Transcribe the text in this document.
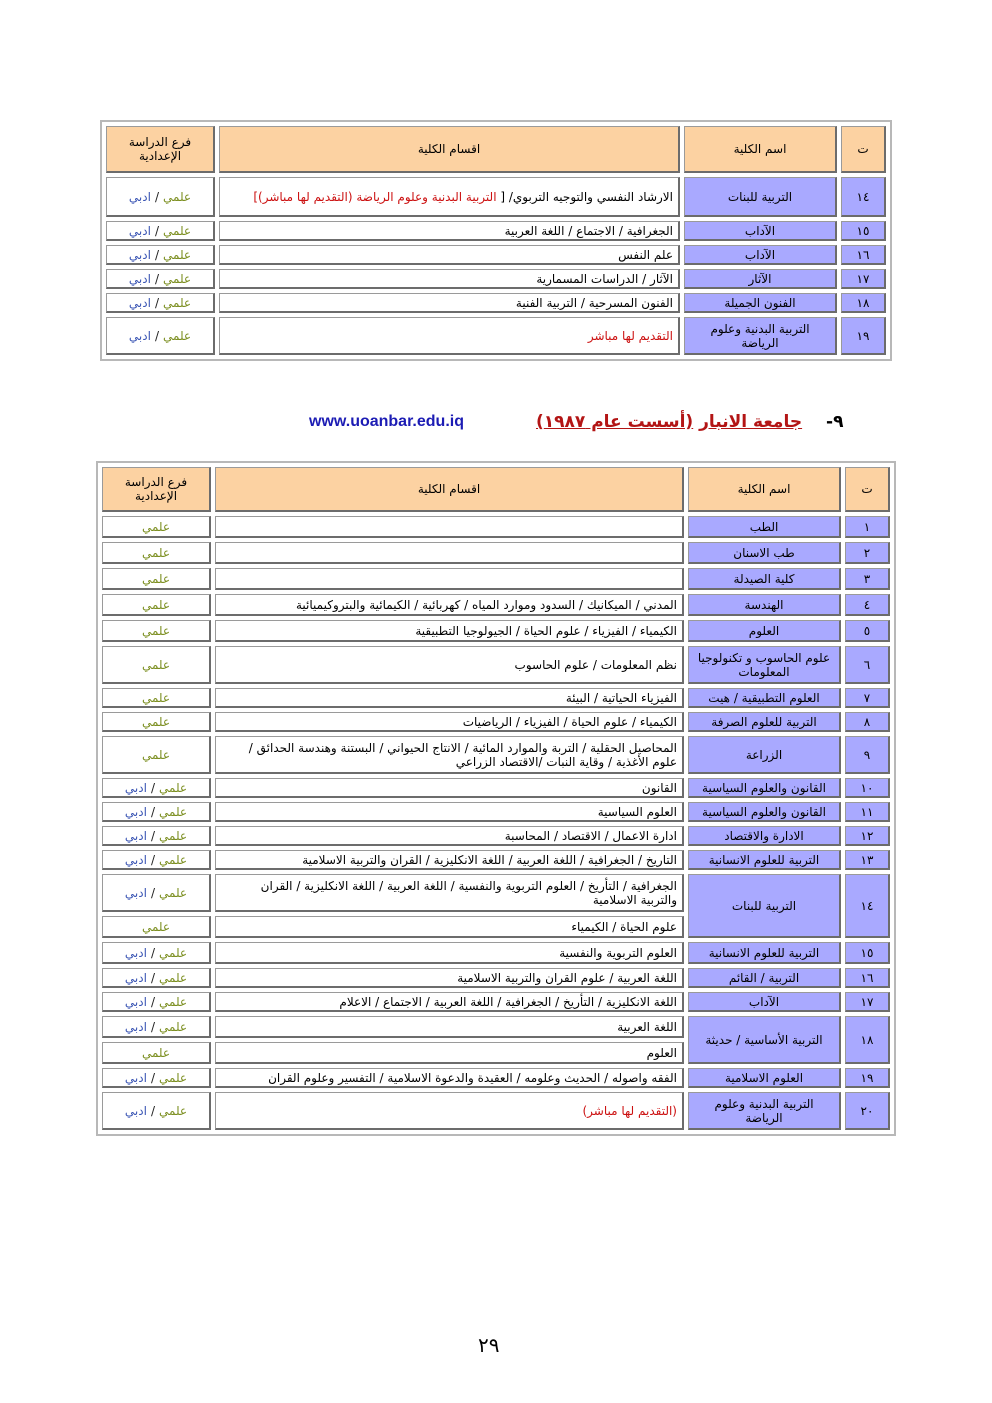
ت	اسم الكلية	اقسام الكلية	فرع الدراسة الإعدادية
١٤	التربية للبنات	الارشاد النفسي والتوجيه التربوي/ [ التربية البدنية وعلوم الرياضة (التقديم لها مباشر)]	علمي/ادبي
١٥	الآداب	الجغرافية / الاجتماع / اللغة العربية	علمي/ادبي
١٦	الآداب	علم النفس	علمي/ادبي
١٧	الآثار	الآثار / الدراسات المسمارية	علمي/ادبي
١٨	الفنون الجميلة	الفنون المسرحية / التربية الفنية	علمي/ادبي
١٩	التربية البدنية وعلوم الرياضة	التقديم لها مباشر	علمي/ادبي
٩- جامعة الانبار (أسست عام ١٩٨٧)
www.uoanbar.edu.iq
ت	اسم الكلية	اقسام الكلية	فرع الدراسة الإعدادية
١	الطب		علمي
٢	طب الاسنان		علمي
٣	كلية الصيدلة		علمي
٤	الهندسة	المدني / الميكانيك / السدود وموارد المياه / كهربائية / الكيمائية والبتروكيميائية	علمي
٥	العلوم	الكيمياء / الفيزياء / علوم الحياة / الجيولوجيا التطبيقية	علمي
٦	علوم الحاسوب و تكنولوجيا المعلومات	نظم المعلومات / علوم الحاسوب	علمي
٧	العلوم التطبيقية / هيت	الفيزياء الحياتية / البيئة	علمي
٨	التربية للعلوم الصرفة	الكيمياء / علوم الحياة / الفيزياء / الرياضيات	علمي
٩	الزراعة	المحاصيل الحقلية / التربة والموارد المائية / الانتاج الحيواني / البستنة وهندسة الحدائق / علوم الأغذية / وقاية النبات /الاقتصاد الزراعي	علمي
١٠	القانون والعلوم السياسية	القانون	علمي/ادبي
١١	القانون والعلوم السياسية	العلوم السياسية	علمي/ادبي
١٢	الادارة والاقتصاد	ادارة الاعمال / الاقتصاد / المحاسبة	علمي/ادبي
١٣	التربية للعلوم الانسانية	التاريخ / الجغرافية / اللغة العربية / اللغة الانكليزية / القران والتربية الاسلامية	علمي/ادبي
١٤	التربية للبنات	الجغرافية / التأريخ / العلوم التربوية والنفسية / اللغة العربية / اللغة الانكليزية / القران والتربية الاسلامية	علمي/ادبي
		علوم الحياة / الكيمياء	علمي
١٥	التربية للعلوم الانسانية	العلوم التربوية والنفسية	علمي/ادبي
١٦	التربية / القائم	اللغة العربية / علوم القران والتربية الاسلامية	علمي/ادبي
١٧	الآداب	اللغة الانكليزية / التأريخ / الجغرافية / اللغة العربية / الاجتماع / الاعلام	علمي/ادبي
١٨	التربية الأساسية / حديثة	اللغة العربية	علمي/ادبي
		العلوم	علمي
١٩	العلوم الاسلامية	الفقه واصوله / الحديث وعلومه / العقيدة والدعوة الاسلامية / التفسير وعلوم القران	علمي/ادبي
٢٠	التربية البدنية وعلوم الرياضة	(التقديم لها مباشر)	علمي/ادبي
٢٩
